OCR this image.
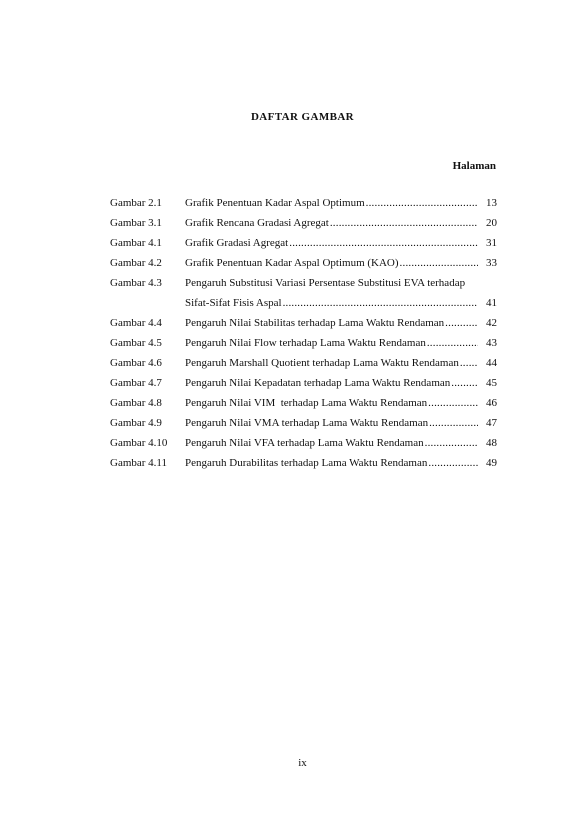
DAFTAR GAMBAR
Halaman
Gambar 2.1 Grafik Penentuan Kadar Aspal Optimum .....	13
Gambar 3.1 Grafik Rencana Gradasi Agregat .....	20
Gambar 4.1 Grafik Gradasi Agregat .....	31
Gambar 4.2 Grafik Penentuan Kadar Aspal Optimum (KAO) .....	33
Gambar 4.3 Pengaruh Substitusi Variasi Persentase Substitusi EVA terhadap
Sifat-Sifat Fisis Aspal .....	41
Gambar 4.4 Pengaruh Nilai Stabilitas terhadap Lama Waktu Rendaman .....	42
Gambar 4.5 Pengaruh Nilai Flow terhadap Lama Waktu Rendaman .....	43
Gambar 4.6 Pengaruh Marshall Quotient terhadap Lama Waktu Rendaman .....	44
Gambar 4.7 Pengaruh Nilai Kepadatan terhadap Lama Waktu Rendaman .....	45
Gambar 4.8 Pengaruh Nilai VIM  terhadap Lama Waktu Rendaman .....	46
Gambar 4.9 Pengaruh Nilai VMA terhadap Lama Waktu Rendaman .....	47
Gambar 4.10 Pengaruh Nilai VFA terhadap Lama Waktu Rendaman .....	48
Gambar 4.11 Pengaruh Durabilitas terhadap Lama Waktu Rendaman .....	49
ix
